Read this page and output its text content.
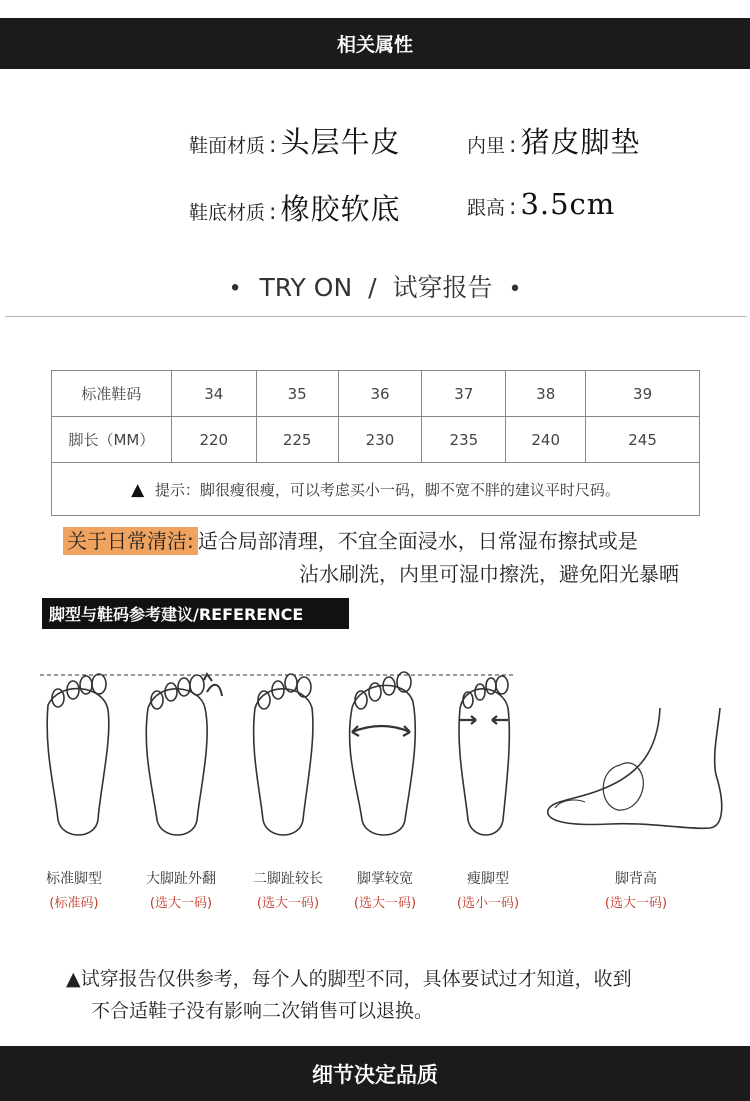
相关属性
鞋面材质 : 头层牛皮	内里 : 猪皮脚垫
鞋底材质 : 橡胶软底	跟高 : 3.5cm
• TRY ON / 试穿报告 •
标准鞋码	34	35	36	37	38	39
脚长（MM）	220	225	230	235	240	245
▲ 提示：脚很瘦很瘦，可以考虑买小一码，脚不宽不胖的建议平时尺码。						
关于日常清洁: 适合局部清理，不宜全面浸水，日常湿布擦拭或是
沾水刷洗，内里可湿巾擦洗，避免阳光暴晒
脚型与鞋码参考建议/REFERENCE
标准脚型
(标准码)
大脚趾外翻
(选大一码)
二脚趾较长
(选大一码)
脚掌较宽
(选大一码)
瘦脚型
(选小一码)
脚背高
(选大一码)
▲试穿报告仅供参考，每个人的脚型不同，具体要试过才知道，收到
不合适鞋子没有影响二次销售可以退换。
细节决定品质
